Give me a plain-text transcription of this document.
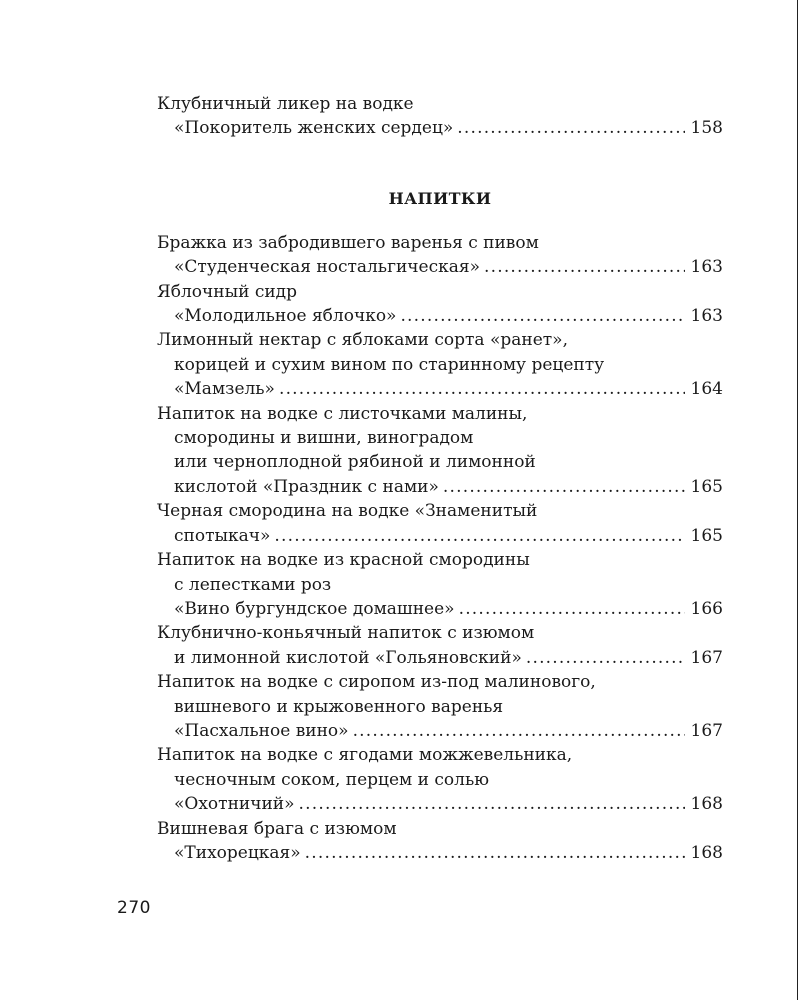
Клубничный ликер на водке
«Покоритель женских сердец» .....	158
НАПИТКИ
Бражка из забродившего варенья с пивом
«Студенческая ностальгическая» .....	163
Яблочный сидр
«Молодильное яблочко» .....	163
Лимонный нектар с яблоками сорта «ранет»,
корицей и сухим вином по старинному рецепту
«Мамзель» .....	164
Напиток на водке с листочками малины,
смородины и вишни, виноградом
или черноплодной рябиной и лимонной
кислотой «Праздник с нами» .....	165
Черная смородина на водке «Знаменитый
спотыкач» .....	165
Напиток на водке из красной смородины
с лепестками роз
«Вино бургундское домашнее» .....	166
Клубнично-коньячный напиток с изюмом
и лимонной кислотой «Гольяновский» .....	167
Напиток на водке с сиропом из-под малинового,
вишневого и крыжовенного варенья
«Пасхальное вино» .....	167
Напиток на водке с ягодами можжевельника,
чесночным соком, перцем и солью
«Охотничий» .....	168
Вишневая брага с изюмом
«Тихорецкая» .....	168
270
